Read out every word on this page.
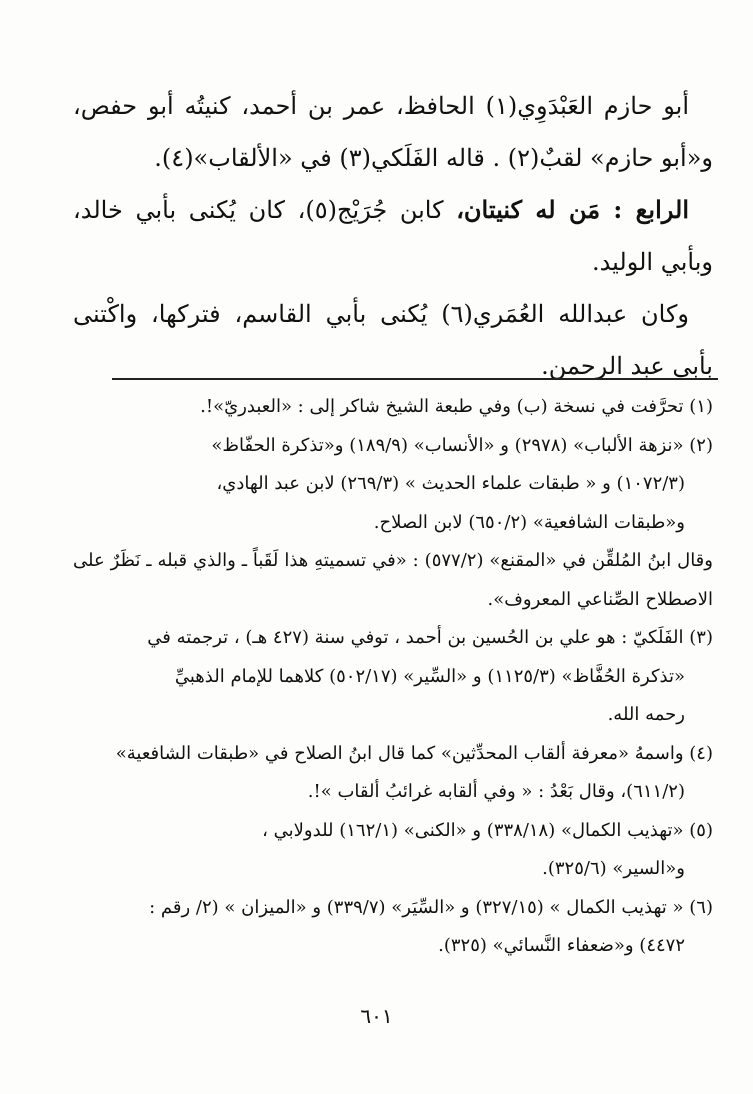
أبو حازم العَبْدَوِي(١) الحافظ، عمر بن أحمد، كنيتُه أبو حفص، و«أبو حازم» لقبٌ(٢) . قاله الفَلَكي(٣) في «الألقاب»(٤).

الرابع : مَن له كنيتان، كابن جُرَيْج(٥)، كان يُكنى بأبي خالد، وبأبي الوليد.

وكان عبدالله العُمَري(٦) يُكنى بأبي القاسم، فتركها، واكْتنى بأبي عبد الرحمن.

(١) تحرَّفت في نسخة (ب) وفي طبعة الشيخ شاكر إلى : «العبدريّ»!.

(٢) «نزهة الألباب» (٢٩٧٨) و «الأنساب» (١٨٩/٩) و«تذكرة الحفّاظ»

(١٠٧٢/٣) و « طبقات علماء الحديث » (٢٦٩/٣) لابن عبد الهادي،

و«طبقات الشافعية» (٦٥٠/٢) لابن الصلاح.

وقال ابنُ المُلقِّن في «المقنع» (٥٧٧/٢) : «في تسميتهِ هذا لَقَباً ـ والذي قبله ـ نَظَرٌ على الاصطلاح الصِّناعي المعروف».

(٣) الفَلَكيّ : هو علي بن الحُسين بن أحمد ، توفي سنة (٤٢٧ هـ) ، ترجمته في

«تذكرة الحُفَّاظ» (١١٢٥/٣) و «السِّير» (٥٠٢/١٧) كلاهما للإمام الذهبيِّ

رحمه الله.

(٤) واسمهُ «معرفة ألقاب المحدِّثين» كما قال ابنُ الصلاح في «طبقات الشافعية»

(٦١١/٢)، وقال بَعْدُ : « وفي ألقابه غرائبُ ألقاب »!.

(٥) «تهذيب الكمال» (٣٣٨/١٨) و «الكنى» (١٦٢/١) للدولابي ،

و«السير» (٣٢٥/٦).

(٦) « تهذيب الكمال » (٣٢٧/١٥) و «السِّيَر» (٣٣٩/٧) و «الميزان » (٢/ رقم :

٤٤٧٢) و«ضعفاء النَّسائي» (٣٢٥).

٦٠١
